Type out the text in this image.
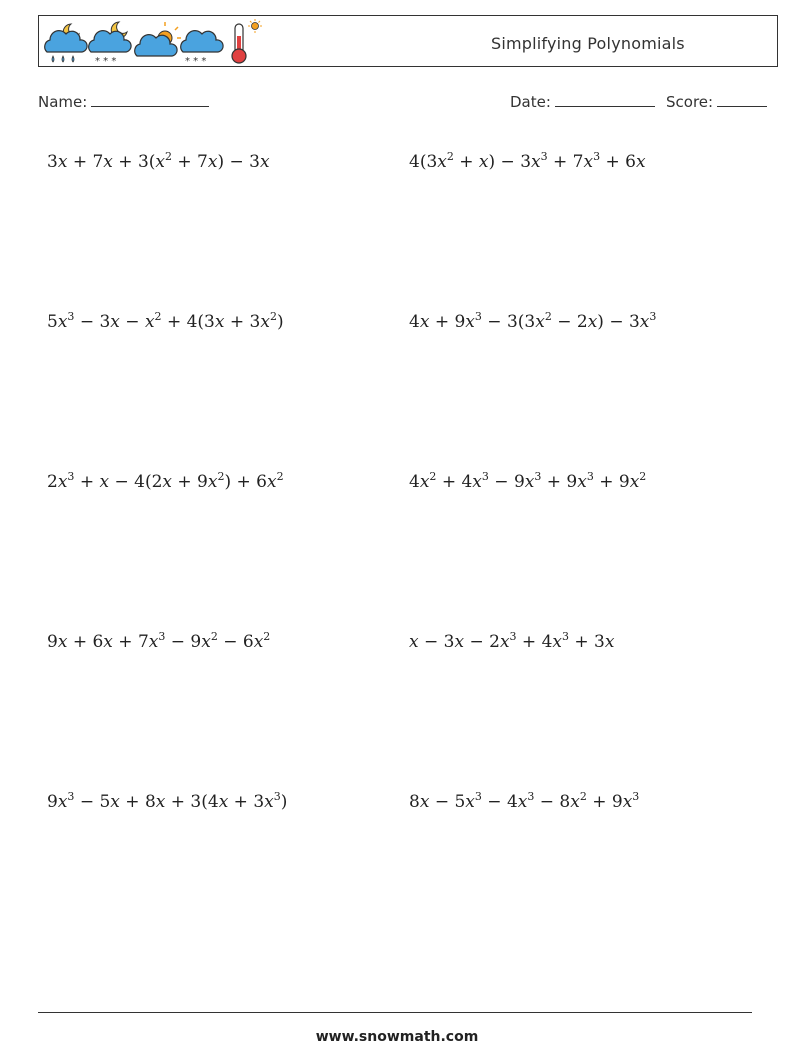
* * *	* * *
Simplifying Polynomials
Name:	Date:	Score:
$3x + 7x + 3(x^2 + 7x) - 3x$	$4(3x^2 + x) - 3x^3 + 7x^3 + 6x$
$5x^3 - 3x - x^2 + 4(3x + 3x^2)$	$4x + 9x^3 - 3(3x^2 - 2x) - 3x^3$
$2x^3 + x - 4(2x + 9x^2) + 6x^2$	$4x^2 + 4x^3 - 9x^3 + 9x^3 + 9x^2$
$9x + 6x + 7x^3 - 9x^2 - 6x^2$	$x - 3x - 2x^3 + 4x^3 + 3x$
$9x^3 - 5x + 8x + 3(4x + 3x^3)$	$8x - 5x^3 - 4x^3 - 8x^2 + 9x^3$
www.snowmath.com
